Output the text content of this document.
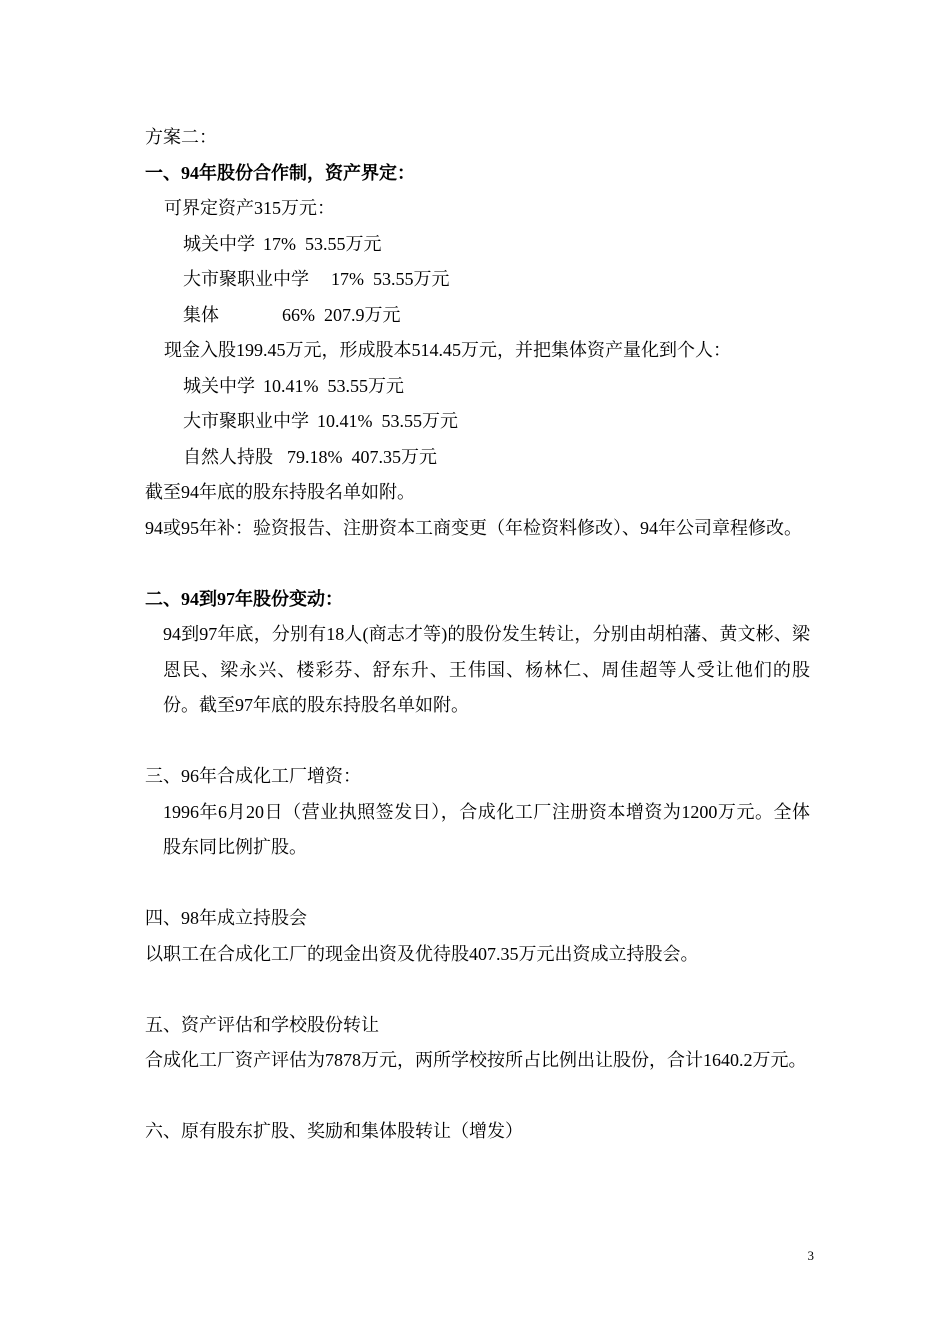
方案二：

一、94年股份合作制，资产界定：

可界定资产315万元：

城关中学 17% 53.55万元

大市聚职业中学 17% 53.55万元

集体	66% 207.9万元

现金入股199.45万元，形成股本514.45万元，并把集体资产量化到个人：

城关中学 10.41% 53.55万元

大市聚职业中学 10.41% 53.55万元

自然人持股 79.18% 407.35万元

截至94年底的股东持股名单如附。

94或95年补：验资报告、注册资本工商变更（年检资料修改）、94年公司章程修改。

二、94到97年股份变动：

94到97年底，分别有18人(商志才等)的股份发生转让，分别由胡柏藩、黄文彬、梁恩民、梁永兴、楼彩芬、舒东升、王伟国、杨林仁、周佳超等人受让他们的股份。截至97年底的股东持股名单如附。

三、96年合成化工厂增资：

1996年6月20日（营业执照签发日），合成化工厂注册资本增资为1200万元。全体股东同比例扩股。

四、98年成立持股会

以职工在合成化工厂的现金出资及优待股407.35万元出资成立持股会。

五、资产评估和学校股份转让

合成化工厂资产评估为7878万元，两所学校按所占比例出让股份，合计1640.2万元。

六、原有股东扩股、奖励和集体股转让（增发）

3
